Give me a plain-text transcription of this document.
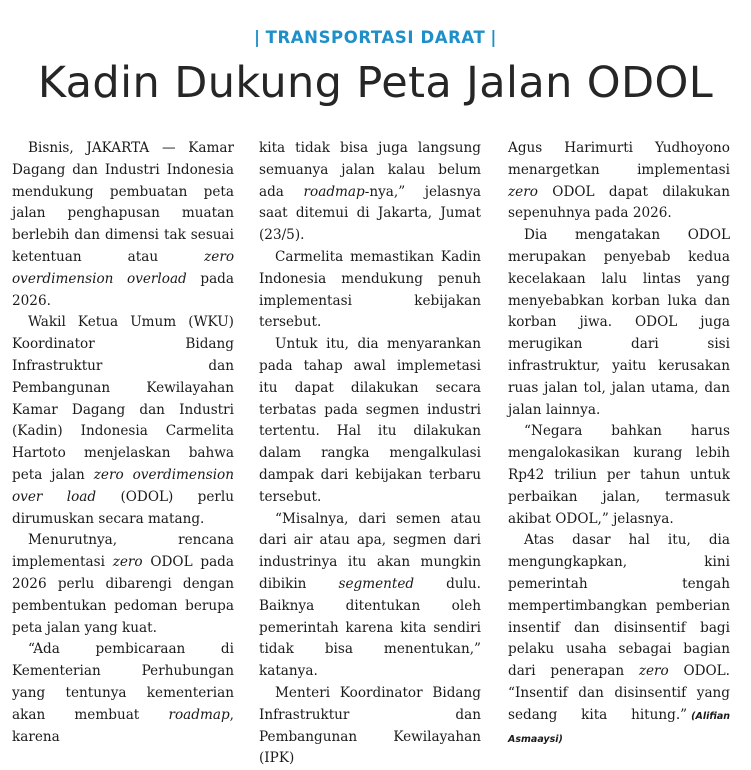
| TRANSPORTASI DARAT |
Kadin Dukung Peta Jalan ODOL

Bisnis, JAKARTA — Kamar Dagang dan Industri Indonesia mendukung pembuatan peta jalan penghapusan muatan berlebih dan dimensi tak sesuai ketentuan atau zero overdimension overload pada 2026.

Wakil Ketua Umum (WKU) Koordinator Bidang Infrastruktur dan Pembangunan Kewilayahan Kamar Dagang dan Industri (Kadin) Indonesia Carmelita Hartoto menjelaskan bahwa peta jalan zero overdimension over load (ODOL) perlu dirumuskan secara matang.

Menurutnya, rencana implementasi zero ODOL pada 2026 perlu dibarengi dengan pembentukan pedoman berupa peta jalan yang kuat.

“Ada pembicaraan di Kementerian Perhubungan yang tentunya kementerian akan membuat roadmap, karena

kita tidak bisa juga langsung semuanya jalan kalau belum ada roadmap-nya,” jelasnya saat ditemui di Jakarta, Jumat (23/5).

Carmelita memastikan Kadin Indonesia mendukung penuh implementasi kebijakan tersebut.

Untuk itu, dia menyarankan pada tahap awal implemetasi itu dapat dilakukan secara terbatas pada segmen industri tertentu. Hal itu dilakukan dalam rangka mengalkulasi dampak dari kebijakan terbaru tersebut.

“Misalnya, dari semen atau dari air atau apa, segmen dari industrinya itu akan mungkin dibikin segmented dulu. Baiknya ditentukan oleh pemerintah karena kita sendiri tidak bisa menentukan,” katanya.

Menteri Koordinator Bidang Infrastruktur dan Pembangunan Kewilayahan (IPK)

Agus Harimurti Yudhoyono menargetkan implementasi zero ODOL dapat dilakukan sepenuhnya pada 2026.

Dia mengatakan ODOL merupakan penyebab kedua kecelakaan lalu lintas yang menyebabkan korban luka dan korban jiwa. ODOL juga merugikan dari sisi infrastruktur, yaitu kerusakan ruas jalan tol, jalan utama, dan jalan lainnya.

“Negara bahkan harus mengalokasikan kurang lebih Rp42 triliun per tahun untuk perbaikan jalan, termasuk akibat ODOL,” jelasnya.

Atas dasar hal itu, dia mengungkapkan, kini pemerintah tengah mempertimbangkan pemberian insentif dan disinsentif bagi pelaku usaha sebagai bagian dari penerapan zero ODOL. “Insentif dan disinsentif yang sedang kita hitung.” (Alifian Asmaaysi)
